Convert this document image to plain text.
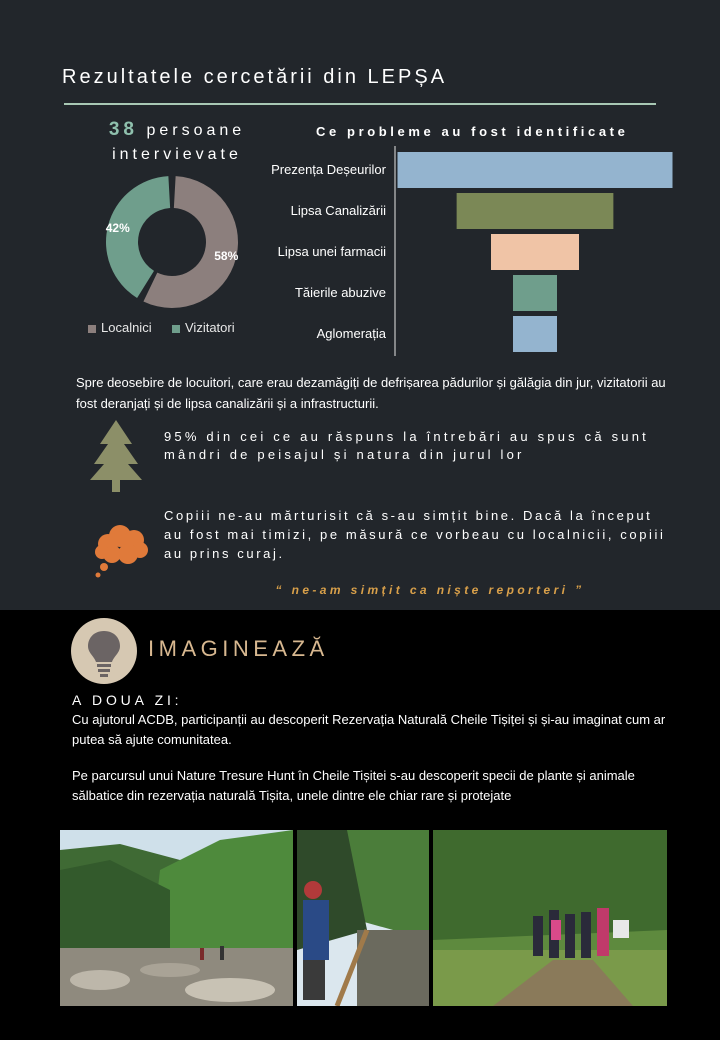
Rezultatele cercetării din LEPȘA
38 persoane intervievate
58%
42%
Localnici	Vizitatori
Ce probleme au fost identificate
Prezența Deșeurilor
Lipsa Canalizării
Lipsa unei farmacii
Tăierile abuzive
Aglomerația
Spre deosebire de locuitori, care erau dezamăgiți de defrișarea pădurilor și gălăgia din jur, vizitatorii au fost deranjați și de lipsa canalizării și a infrastructurii.
95% din cei ce au răspuns la întrebări au spus că sunt mândri de peisajul și natura din jurul lor
Copiii ne-au mărturisit că s-au simțit bine. Dacă la început au fost mai timizi, pe măsură ce vorbeau cu localnicii, copiii au prins curaj.
“ ne-am simțit ca niște reporteri ”
IMAGINEAZĂ
A DOUA ZI:
Cu ajutorul ACDB, participanții au descoperit Rezervația Naturală Cheile Tișiței și și-au imaginat cum ar putea să ajute comunitatea.
Pe parcursul unui Nature Tresure Hunt în Cheile Tișitei s-au descoperit specii de plante și animale sălbatice din rezervația naturală Tișita, unele dintre ele chiar rare și protejate
